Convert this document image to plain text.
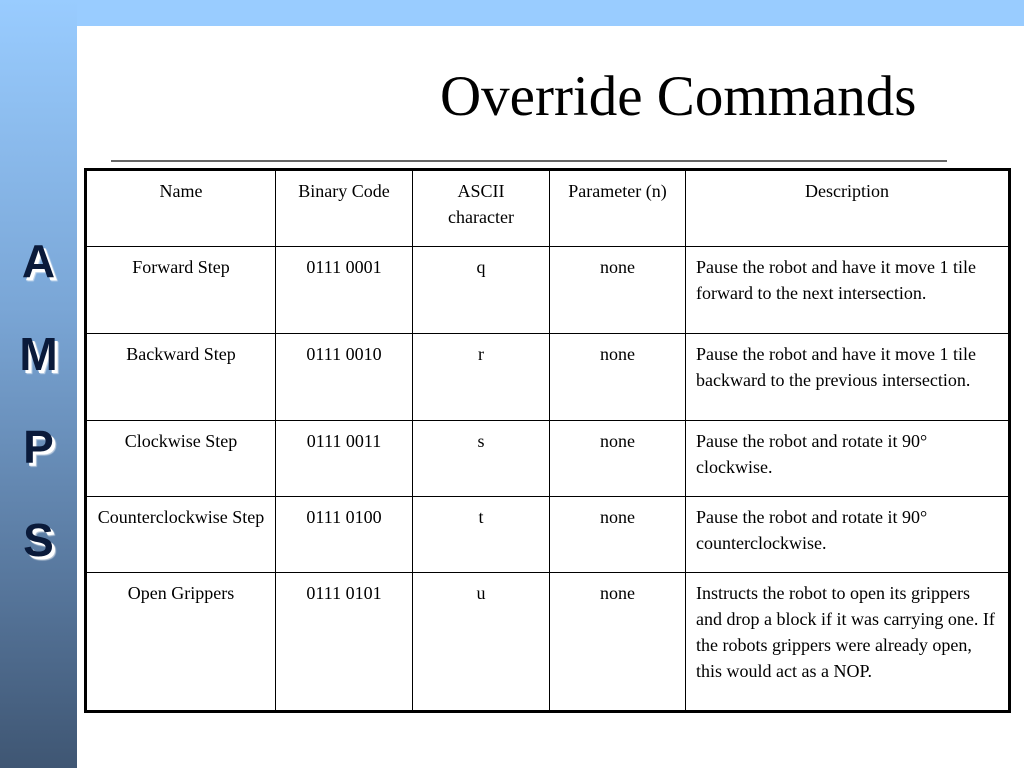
A
M
P
S
Override Commands
Name	Binary Code	ASCII character	Parameter (n)	Description
Forward Step	0111 0001	q	none	Pause the robot and have it move 1 tile forward to the next intersection.
Backward Step	0111 0010	r	none	Pause the robot and have it move 1 tile backward to the previous intersection.
Clockwise Step	0111 0011	s	none	Pause the robot and rotate it 90° clockwise.
Counterclockwise Step	0111 0100	t	none	Pause the robot and rotate it 90° counterclockwise.
Open Grippers	0111 0101	u	none	Instructs the robot to open its grippers and drop a block if it was carrying one. If the robots grippers were already open, this would act as a NOP.
